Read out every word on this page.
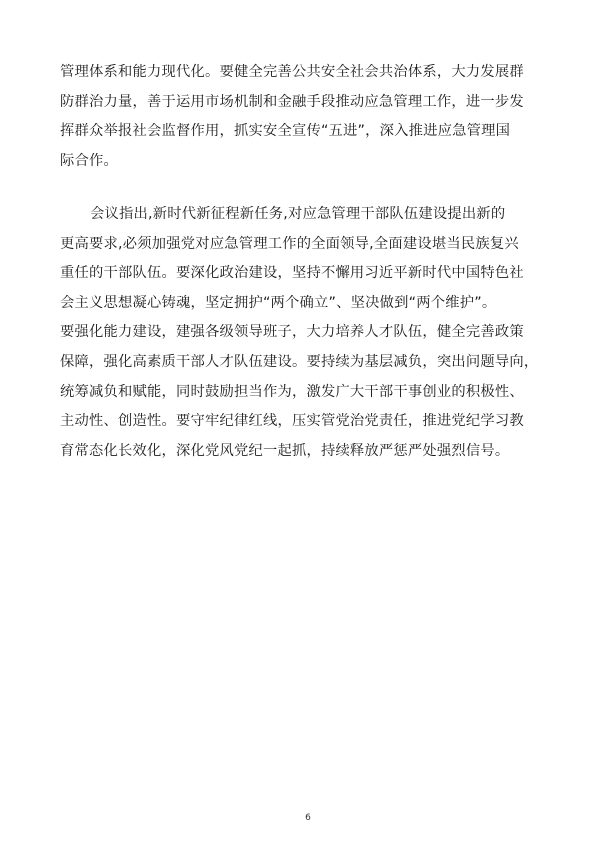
管理体系和能力现代化。要健全完善公共安全社会共治体系，大力发展群
防群治力量，善于运用市场机制和金融手段推动应急管理工作，进一步发
挥群众举报社会监督作用，抓实安全宣传“五进”，深入推进应急管理国
际合作。
会议指出,新时代新征程新任务,对应急管理干部队伍建设提出新的
更高要求,必须加强党对应急管理工作的全面领导,全面建设堪当民族复兴
重任的干部队伍。要深化政治建设，坚持不懈用习近平新时代中国特色社
会主义思想凝心铸魂，坚定拥护“两个确立”、坚决做到“两个维护”。
要强化能力建设，建强各级领导班子，大力培养人才队伍，健全完善政策
保障，强化高素质干部人才队伍建设。要持续为基层减负，突出问题导向，
统筹减负和赋能，同时鼓励担当作为，激发广大干部干事创业的积极性、
主动性、创造性。要守牢纪律红线，压实管党治党责任，推进党纪学习教
育常态化长效化，深化党风党纪一起抓，持续释放严惩严处强烈信号。
6
